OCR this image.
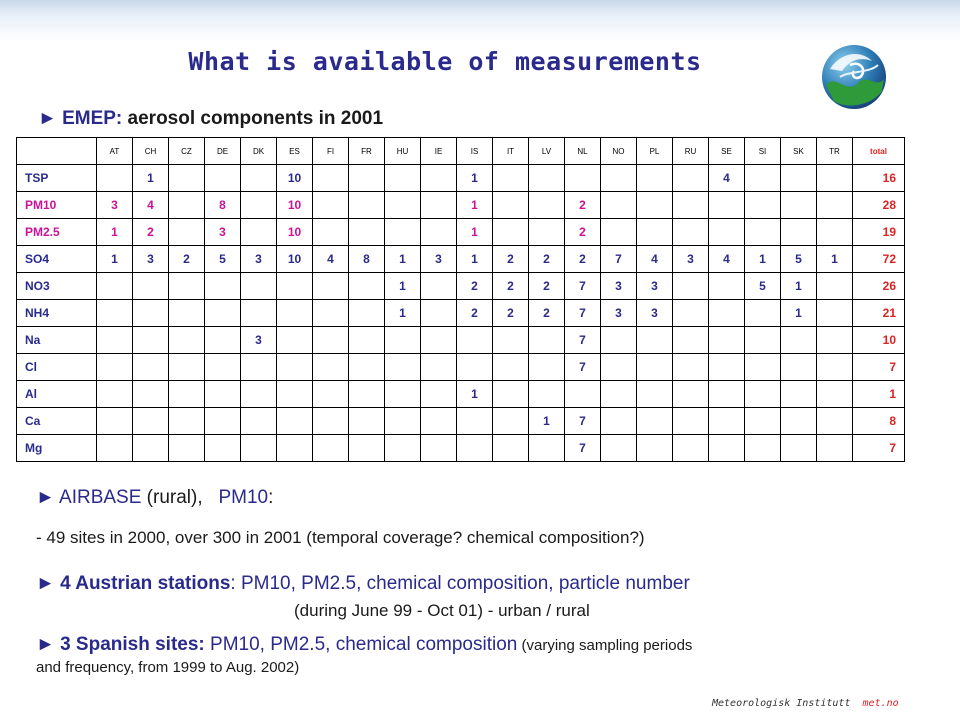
What is available of measurements
► EMEP: aerosol components in 2001
	AT	CH	CZ	DE	DK	ES	FI	FR	HU	IE	IS	IT	LV	NL	NO	PL	RU	SE	SI	SK	TR	total
TSP		1				10					1							4				16
PM10	3	4		8		10					1			2								28
PM2.5	1	2		3		10					1			2								19
SO4	1	3	2	5	3	10	4	8	1	3	1	2	2	2	7	4	3	4	1	5	1	72
NO3									1		2	2	2	7	3	3			5	1		26
NH4									1		2	2	2	7	3	3				1		21
Na					3									7								10
Cl														7								7
Al											1											1
Ca													1	7								8
Mg														7								7
► AIRBASE (rural),   PM10:
- 49 sites in 2000, over 300 in 2001 (temporal coverage? chemical composition?)
► 4 Austrian stations: PM10, PM2.5, chemical composition, particle number
(during June 99 - Oct 01) - urban / rural
► 3 Spanish sites: PM10, PM2.5, chemical composition (varying sampling periods
and frequency, from 1999 to Aug. 2002)
Meteorologisk Institutt met.no
